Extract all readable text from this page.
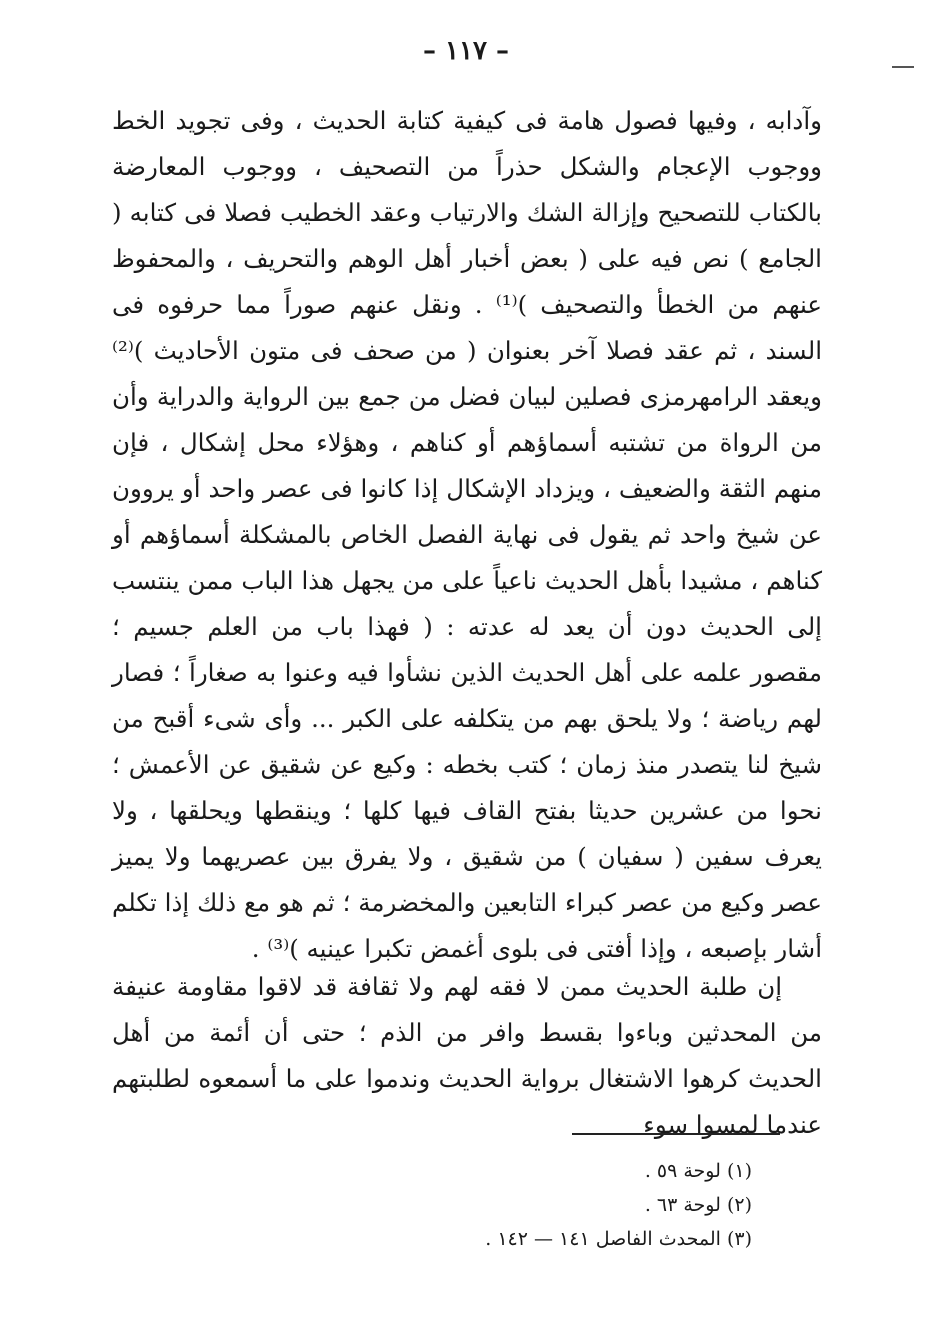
– ١١٧ –

وآدابه ، وفيها فصول هامة فى كيفية كتابة الحديث ، وفى تجويد الخط ووجوب الإعجام والشكل حذراً من التصحيف ، ووجوب المعارضة بالكتاب للتصحيح وإزالة الشك والارتياب وعقد الخطيب فصلا فى كتابه ( الجامع ) نص فيه على ( بعض أخبار أهل الوهم والتحريف ، والمحفوظ عنهم من الخطأ والتصحيف )⁽¹⁾ . ونقل عنهم صوراً مما حرفوه فى السند ، ثم عقد فصلا آخر بعنوان ( من صحف فى متون الأحاديث )⁽²⁾ ويعقد الرامهرمزى فصلين لبيان فضل من جمع بين الرواية والدراية وأن من الرواة من تشتبه أسماؤهم أو كناهم ، وهؤلاء محل إشكال ، فإن منهم الثقة والضعيف ، ويزداد الإشكال إذا كانوا فى عصر واحد أو يروون عن شيخ واحد ثم يقول فى نهاية الفصل الخاص بالمشكلة أسماؤهم أو كناهم ، مشيدا بأهل الحديث ناعياً على من يجهل هذا الباب ممن ينتسب إلى الحديث دون أن يعد له عدته : ( فهذا باب من العلم جسيم ؛ مقصور علمه على أهل الحديث الذين نشأوا فيه وعنوا به صغاراً ؛ فصار لهم رياضة ؛ ولا يلحق بهم من يتكلفه على الكبر ... وأى شىء أقبح من شيخ لنا يتصدر منذ زمان ؛ كتب بخطه : وكيع عن شقيق عن الأعمش ؛ نحوا من عشرين حديثا بفتح القاف فيها كلها ؛ وينقطها ويحلقها ، ولا يعرف سفين ( سفيان ) من شقيق ، ولا يفرق بين عصريهما ولا يميز عصر وكيع من عصر كبراء التابعين والمخضرمة ؛ ثم هو مع ذلك إذا تكلم أشار بإصبعه ، وإذا أفتى فى بلوى أغمض تكبرا عينيه )⁽³⁾ .

إن طلبة الحديث ممن لا فقه لهم ولا ثقافة قد لاقوا مقاومة عنيفة من المحدثين وباءوا بقسط وافر من الذم ؛ حتى أن أئمة من أهل الحديث كرهوا الاشتغال برواية الحديث وندموا على ما أسمعوه لطلبتهم عندما لمسوا سوء

(١) لوحة ٥٩ .
(٢) لوحة ٦٣ .
(٣) المحدث الفاصل ١٤١ — ١٤٢ .
